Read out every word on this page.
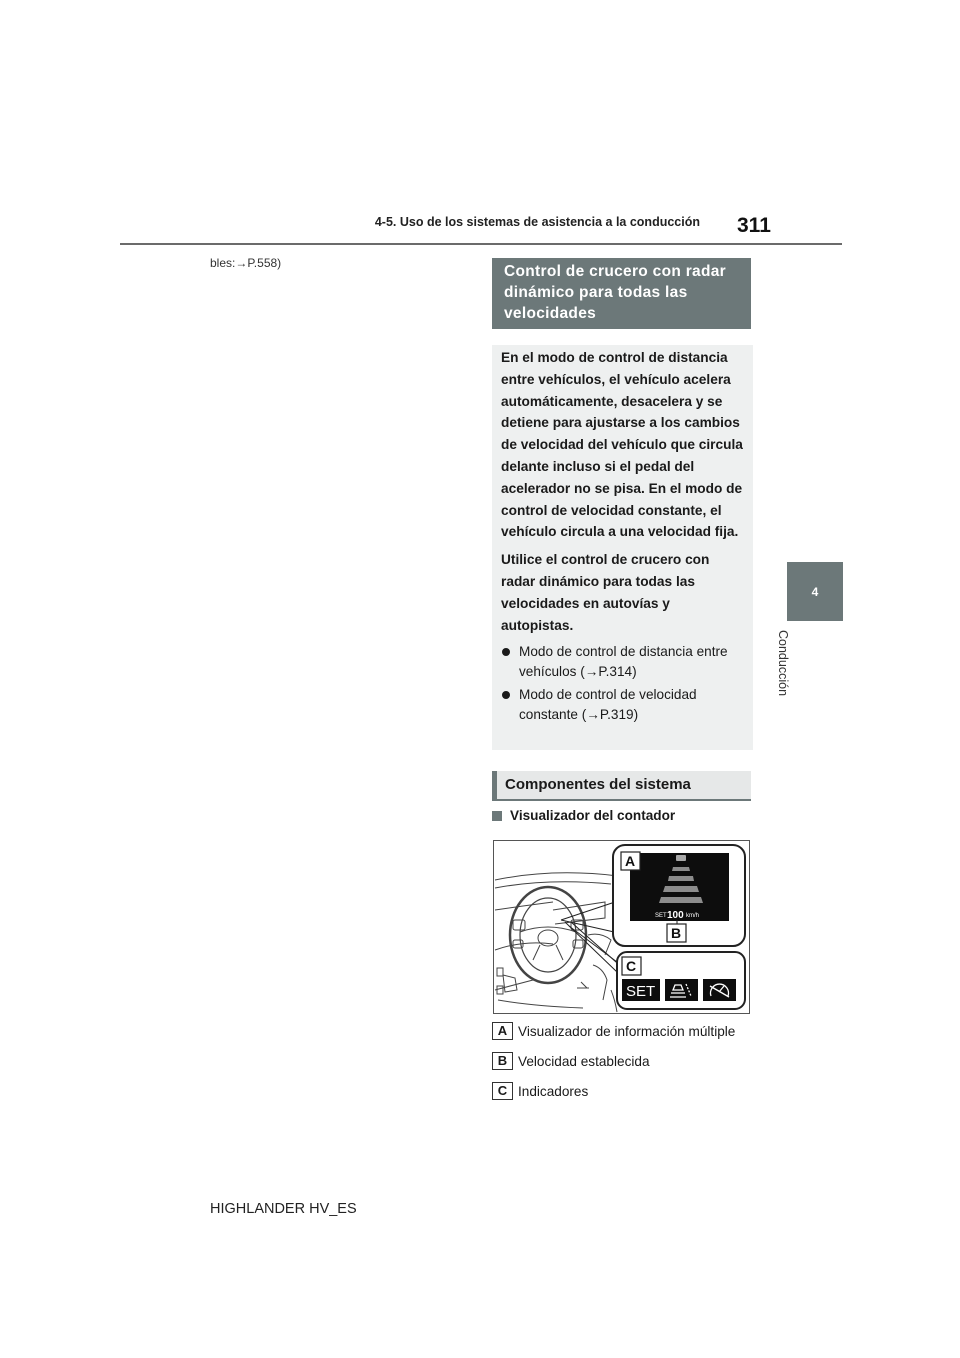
4-5. Uso de los sistemas de asistencia a la conducción 311
4
Conducción
bles:→P.558)	Control de crucero con radar dinámico para todas las velocidades

En el modo de control de distancia entre vehículos, el vehículo acelera automáticamente, desacelera y se detiene para ajustarse a los cambios de velocidad del vehículo que circula delante incluso si el pedal del acelerador no se pisa. En el modo de control de velocidad constante, el vehículo circula a una velocidad fija.

Utilice el control de crucero con radar dinámico para todas las velocidades en autovías y autopistas.

Modo de control de distancia entre vehículos (→P.314)
Modo de control de velocidad constante (→P.319)
Componentes del sistema
Visualizador del contador
SET 100 km/h
A
B
C
SET
A Visualizador de información múltiple
B Velocidad establecida
C Indicadores
HIGHLANDER HV_ES
